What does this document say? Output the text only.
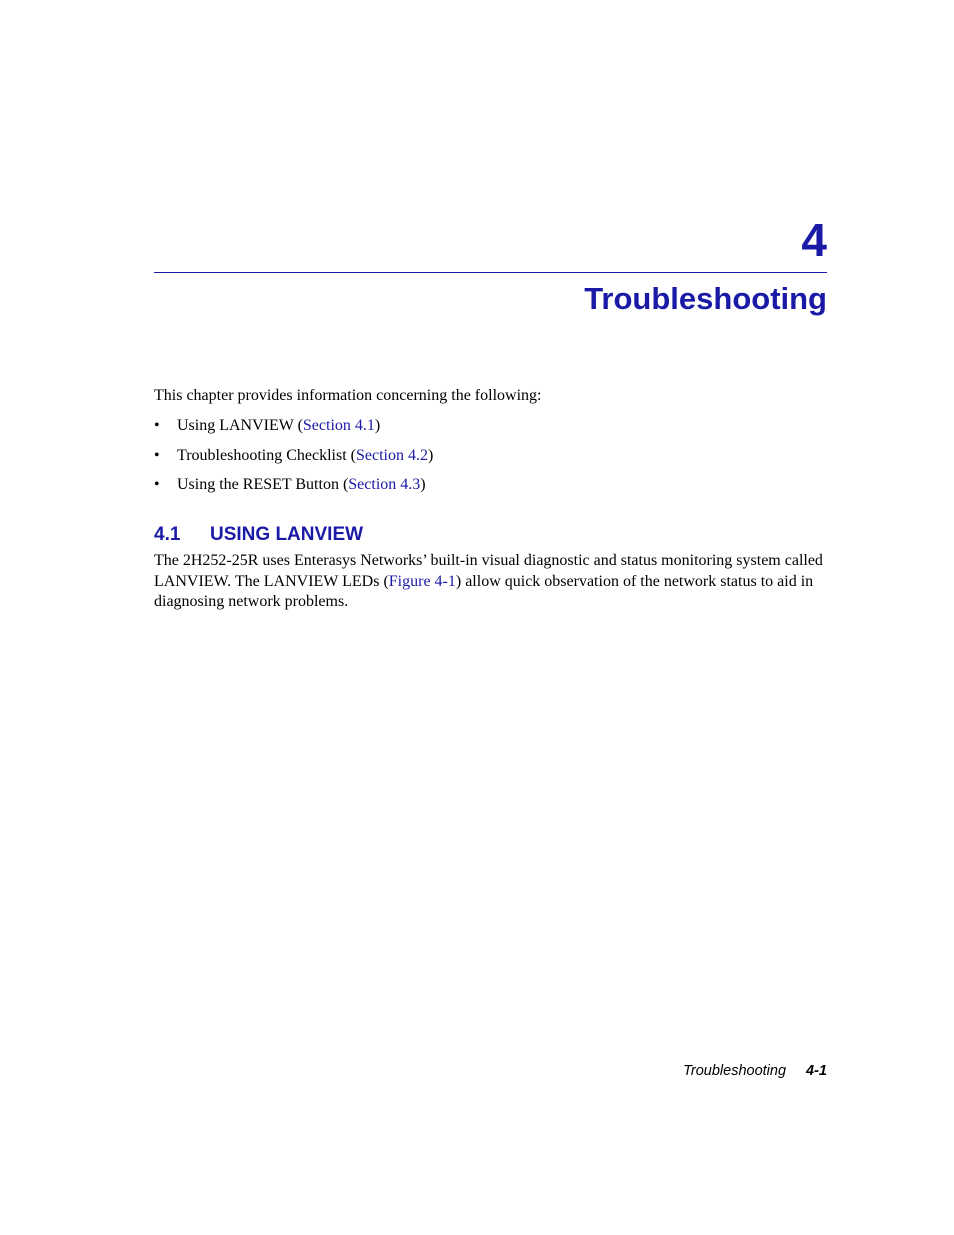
4
Troubleshooting
This chapter provides information concerning the following:
• Using LANVIEW (Section 4.1)
• Troubleshooting Checklist (Section 4.2)
• Using the RESET Button (Section 4.3)
4.1 USING LANVIEW

The 2H252-25R uses Enterasys Networks’ built-in visual diagnostic and status monitoring system called LANVIEW. The LANVIEW LEDs (Figure 4-1) allow quick observation of the network status to aid in diagnosing network problems.

Troubleshooting 4-1
